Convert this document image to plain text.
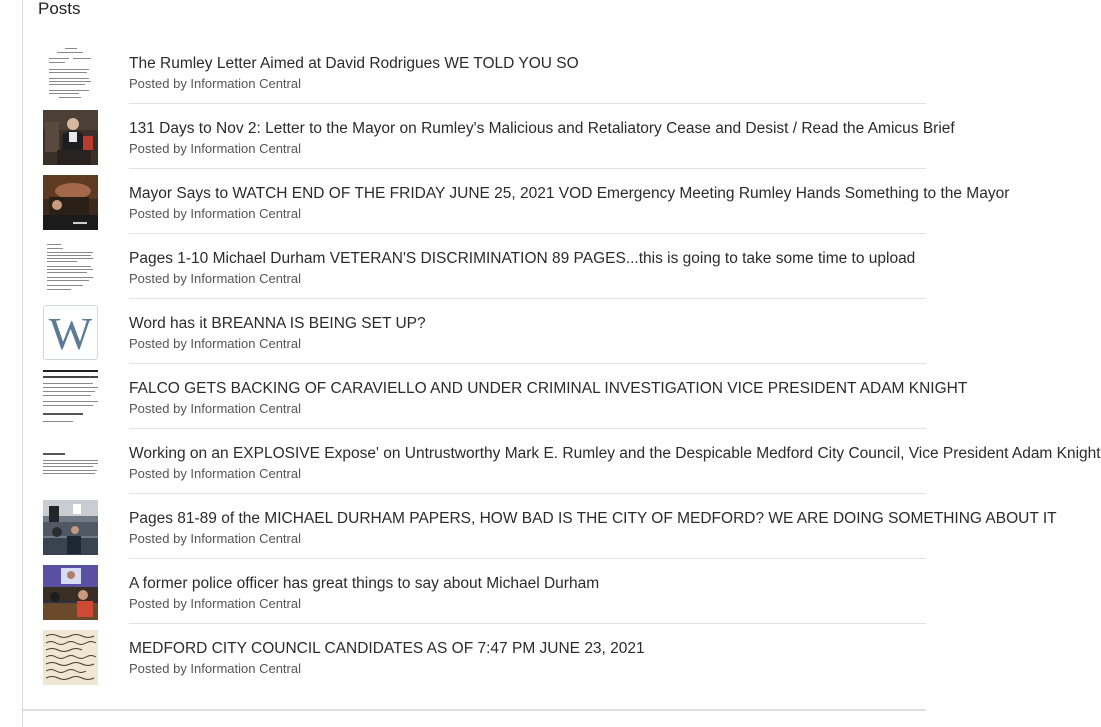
Posts
The Rumley Letter Aimed at David Rodrigues WE TOLD YOU SO
Posted by Information Central
131 Days to Nov 2: Letter to the Mayor on Rumley's Malicious and Retaliatory Cease and Desist / Read the Amicus Brief
Posted by Information Central
Mayor Says to WATCH END OF THE FRIDAY JUNE 25, 2021 VOD Emergency Meeting Rumley Hands Something to the Mayor
Posted by Information Central
Pages 1-10 Michael Durham VETERAN'S DISCRIMINATION 89 PAGES...this is going to take some time to upload
Posted by Information Central
W	Word has it BREANNA IS BEING SET UP?
Posted by Information Central
FALCO GETS BACKING OF CARAVIELLO AND UNDER CRIMINAL INVESTIGATION VICE PRESIDENT ADAM KNIGHT
Posted by Information Central
Working on an EXPLOSIVE Expose' on Untrustworthy Mark E. Rumley and the Despicable Medford City Council, Vice President Adam Knight
Posted by Information Central
Pages 81-89 of the MICHAEL DURHAM PAPERS, HOW BAD IS THE CITY OF MEDFORD? WE ARE DOING SOMETHING ABOUT IT
Posted by Information Central
A former police officer has great things to say about Michael Durham
Posted by Information Central
MEDFORD CITY COUNCIL CANDIDATES AS OF 7:47 PM JUNE 23, 2021
Posted by Information Central
